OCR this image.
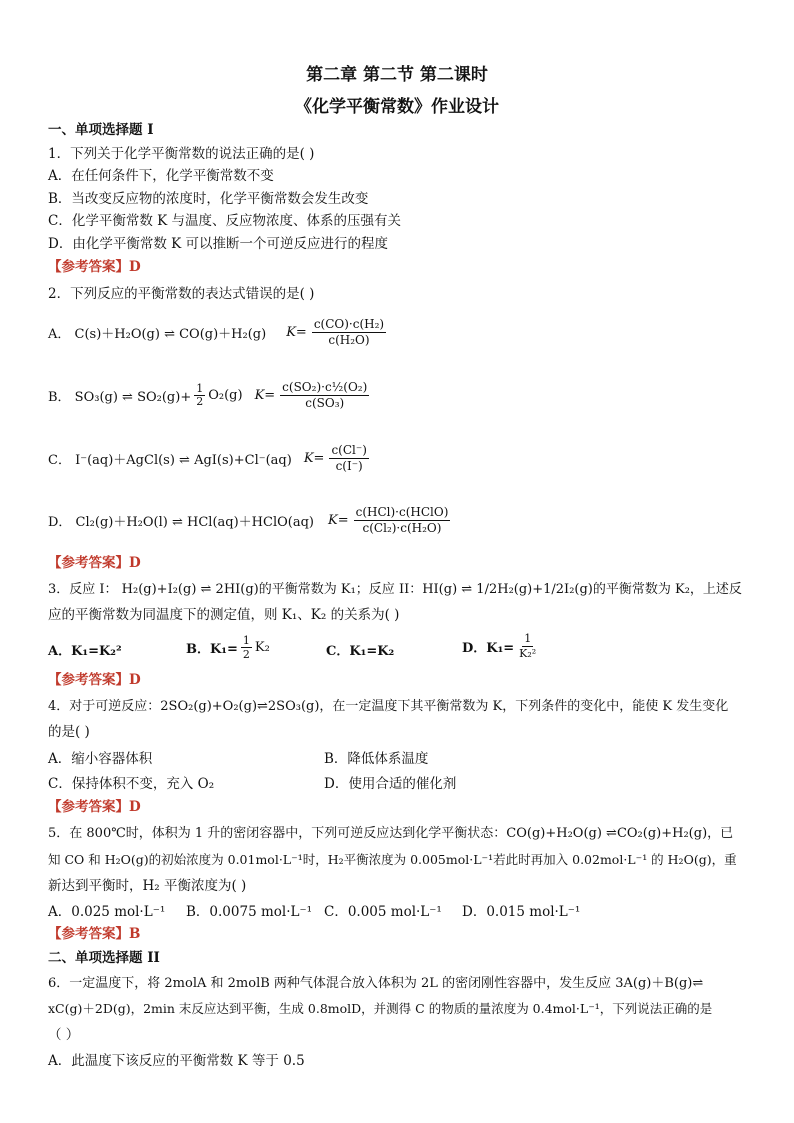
第二章 第二节 第二课时
《化学平衡常数》作业设计
一、单项选择题 I
1．下列关于化学平衡常数的说法正确的是( )
A．在任何条件下，化学平衡常数不变
B．当改变反应物的浓度时，化学平衡常数会发生改变
C．化学平衡常数 K 与温度、反应物浓度、体系的压强有关
D．由化学平衡常数 K 可以推断一个可逆反应进行的程度
【参考答案】D
2．下列反应的平衡常数的表达式错误的是( )
A． C(s)＋H₂O(g) ⇌ CO(g)＋H₂(g) $K= \frac{\text{c(CO)·c(H₂)}}{\text{c(H₂O)}}$
B． SO₃(g) ⇌ $SO_2(g)+ \frac{1}{2} O_2(g)$ $K= \frac{\text{c(SO₂)·c½(O₂)}}{\text{c(SO₃)}}$
C． I⁻(aq)＋AgCl(s) ⇌ AgI(s)+Cl⁻(aq) $K= \frac{c(Cl^-)}{c(I^-)}$
D． Cl₂(g)＋H₂O(l) ⇌ HCl(aq)＋HClO(aq) $K= \frac{\text{c(HCl)·c(HClO)}}{\text{c(Cl₂)·c(H₂O)}}$
【参考答案】D
3．反应 I： H₂(g)+I₂(g) ⇌ 2HI(g)的平衡常数为 K₁；反应 II：HI(g) ⇌ 1/2H₂(g)+1/2I₂(g)的平衡常数为 K₂，上述反
应的平衡常数为同温度下的测定值，则 K₁、K₂ 的关系为( )
A．K₁=K₂²	B．$K_1= \frac{1}{2} K_2$	C．K₁=K₂	D．$K_1= \frac{1}{\text{K₂²}}$
【参考答案】D
4．对于可逆反应：2SO₂(g)+O₂(g)⇌2SO₃(g)，在一定温度下其平衡常数为 K，下列条件的变化中，能使 K 发生变化
的是( )
A．缩小容器体积	B．降低体系温度
C．保持体积不变，充入 O₂	D．使用合适的催化剂
【参考答案】D
5．在 800℃时，体积为 1 升的密闭容器中，下列可逆反应达到化学平衡状态：CO(g)+H₂O(g) ⇌CO₂(g)+H₂(g)，已
知 CO 和 H₂O(g)的初始浓度为 0.01mol·L⁻¹时，H₂平衡浓度为 0.005mol·L⁻¹若此时再加入 0.02mol·L⁻¹ 的 H₂O(g)，重
新达到平衡时，H₂ 平衡浓度为( )
A．0.025 mol·L⁻¹ B．0.0075 mol·L⁻¹ C．0.005 mol·L⁻¹ D．0.015 mol·L⁻¹
【参考答案】B
二、单项选择题 II
6．一定温度下，将 2molA 和 2molB 两种气体混合放入体积为 2L 的密闭刚性容器中，发生反应 3A(g)＋B(g)⇌
xC(g)＋2D(g)，2min 末反应达到平衡，生成 0.8molD，并测得 C 的物质的量浓度为 0.4mol·L⁻¹，下列说法正确的是
（ ）
A．此温度下该反应的平衡常数 K 等于 0.5
